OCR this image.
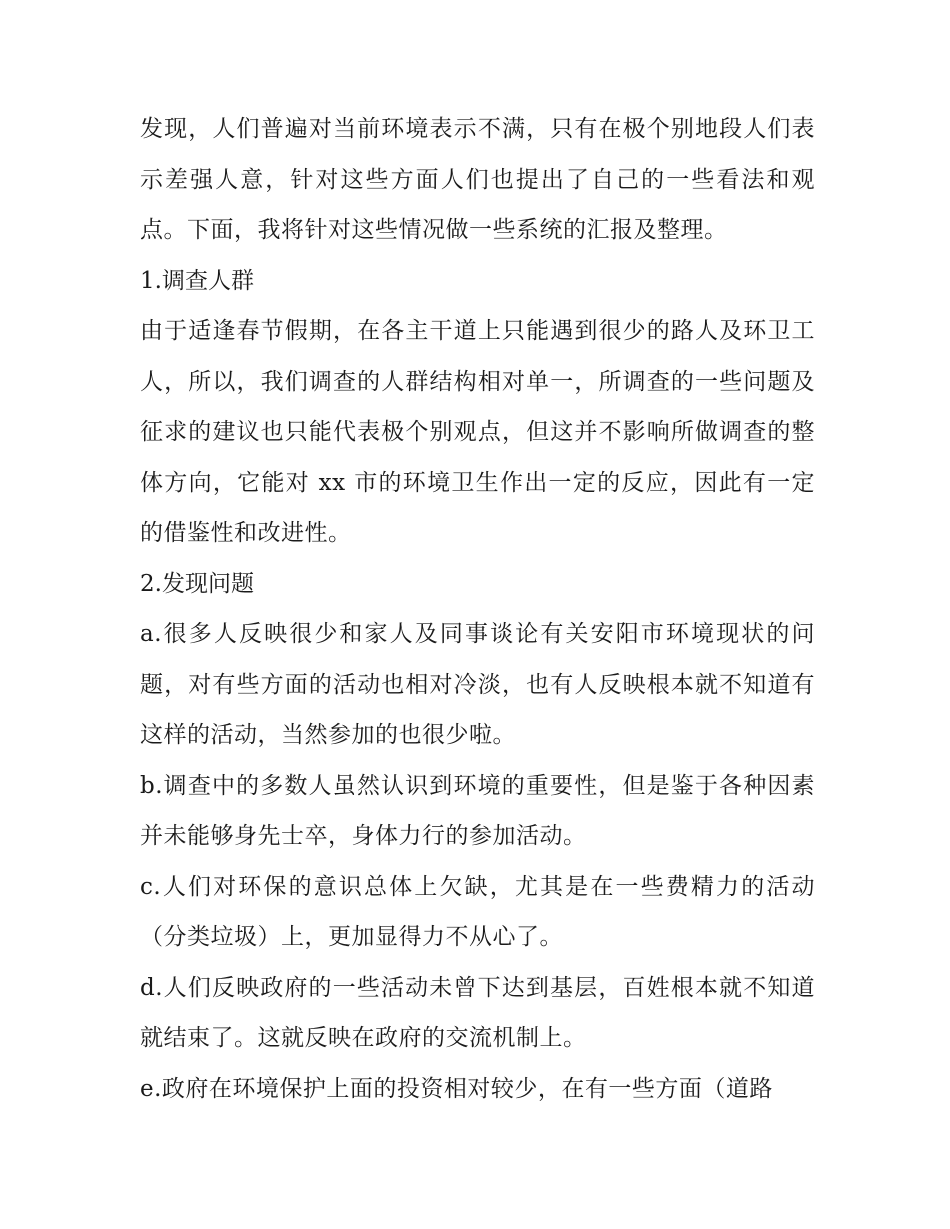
发现，人们普遍对当前环境表示不满，只有在极个别地段人们表示差强人意，针对这些方面人们也提出了自己的一些看法和观点。下面，我将针对这些情况做一些系统的汇报及整理。

1.调查人群

由于适逢春节假期，在各主干道上只能遇到很少的路人及环卫工人，所以，我们调查的人群结构相对单一，所调查的一些问题及征求的建议也只能代表极个别观点，但这并不影响所做调查的整体方向，它能对 xx 市的环境卫生作出一定的反应，因此有一定的借鉴性和改进性。

2.发现问题

a.很多人反映很少和家人及同事谈论有关安阳市环境现状的问题，对有些方面的活动也相对冷淡，也有人反映根本就不知道有这样的活动，当然参加的也很少啦。

b.调查中的多数人虽然认识到环境的重要性，但是鉴于各种因素并未能够身先士卒，身体力行的参加活动。

c.人们对环保的意识总体上欠缺，尤其是在一些费精力的活动（分类垃圾）上，更加显得力不从心了。

d.人们反映政府的一些活动未曾下达到基层，百姓根本就不知道就结束了。这就反映在政府的交流机制上。

e.政府在环境保护上面的投资相对较少，在有一些方面（道路
